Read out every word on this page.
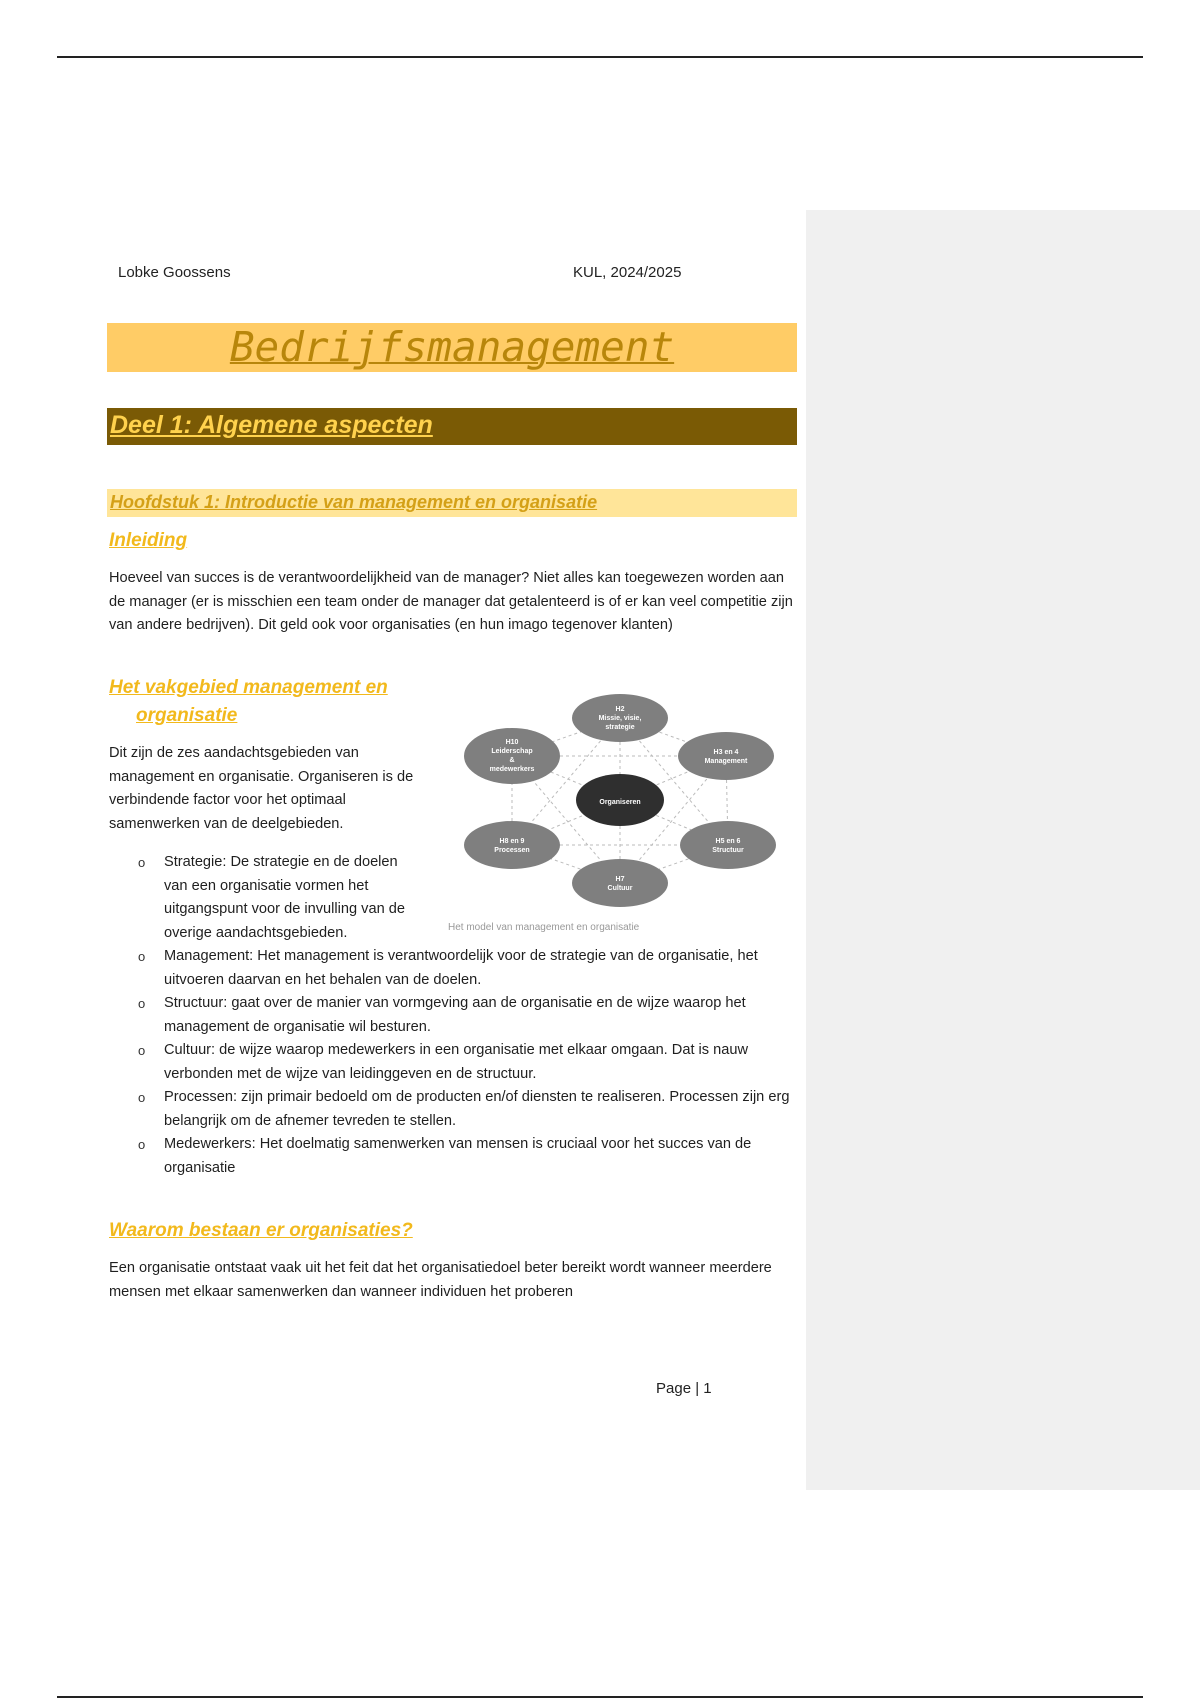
Lobke Goossens	KUL, 2024/2025
Bedrijfsmanagement
Deel 1: Algemene aspecten
Hoofdstuk 1: Introductie van management en organisatie
Inleiding
Hoeveel van succes is de verantwoordelijkheid van de manager? Niet alles kan toegewezen worden aan de manager (er is misschien een team onder de manager dat getalenteerd is of er kan veel competitie zijn van andere bedrijven). Dit geld ook voor organisaties (en hun imago tegenover klanten)
Het vakgebied management en
organisatie
Dit zijn de zes aandachtsgebieden van management en organisatie. Organiseren is de verbindende factor voor het optimaal samenwerken van de deelgebieden.
Organiseren
H2
Missie, visie,
strategie
H3 en 4
Management
H5 en 6
Structuur
H7
Cultuur
H8 en 9
Processen
H10
Leiderschap
&
medewerkers
Het model van management en organisatie
o Strategie: De strategie en de doelen van een organisatie vormen het uitgangspunt voor de invulling van de overige aandachtsgebieden.
o Management: Het management is verantwoordelijk voor de strategie van de organisatie, het uitvoeren daarvan en het behalen van de doelen.
o Structuur: gaat over de manier van vormgeving aan de organisatie en de wijze waarop het management de organisatie wil besturen.
o Cultuur: de wijze waarop medewerkers in een organisatie met elkaar omgaan. Dat is nauw verbonden met de wijze van leidinggeven en de structuur.
o Processen: zijn primair bedoeld om de producten en/of diensten te realiseren. Processen zijn erg belangrijk om de afnemer tevreden te stellen.
o Medewerkers: Het doelmatig samenwerken van mensen is cruciaal voor het succes van de organisatie
Waarom bestaan er organisaties?
Een organisatie ontstaat vaak uit het feit dat het organisatiedoel beter bereikt wordt wanneer meerdere mensen met elkaar samenwerken dan wanneer individuen het proberen
Page | 1
